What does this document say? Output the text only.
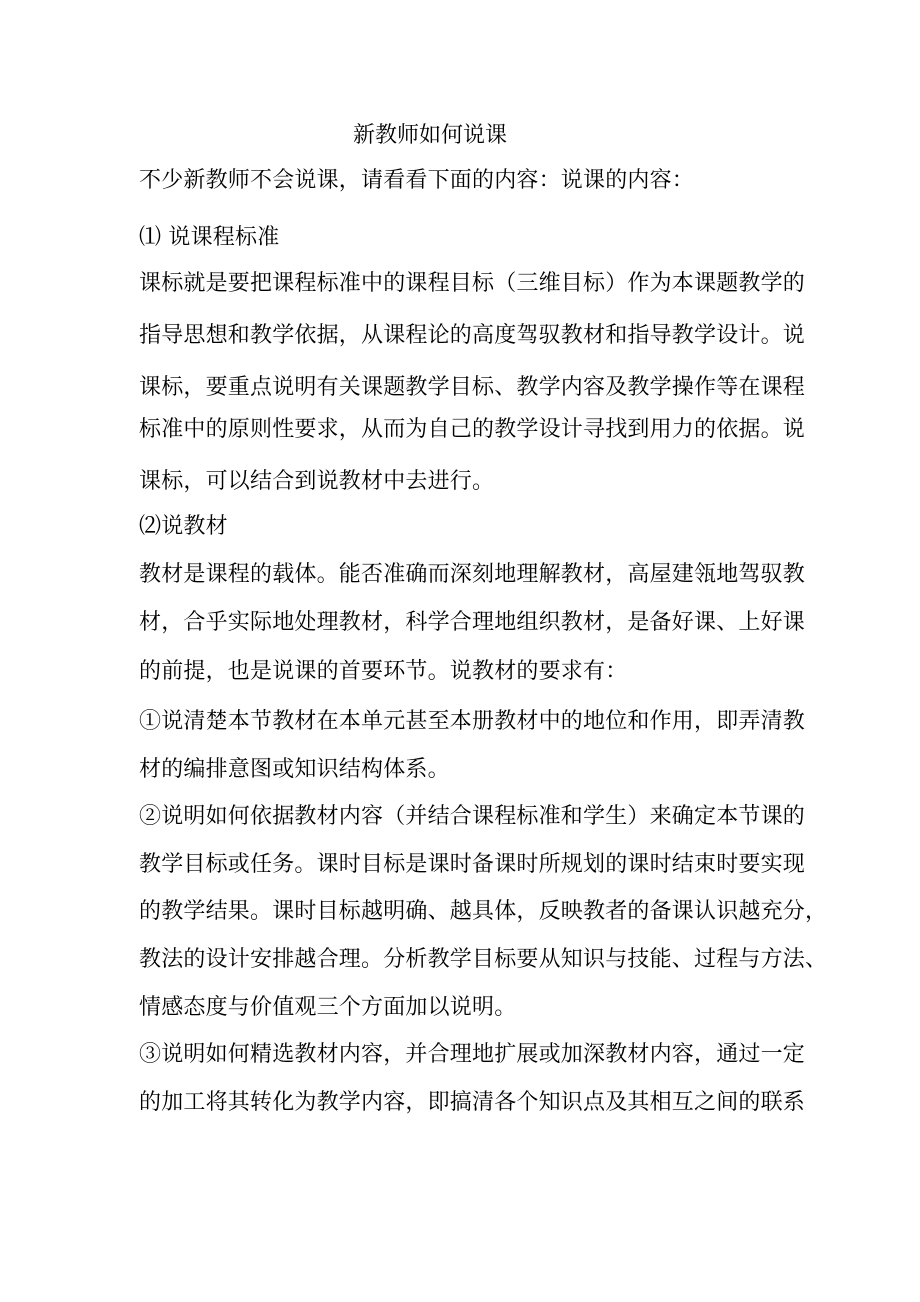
新教师如何说课
不少新教师不会说课，请看看下面的内容：说课的内容：
⑴ 说课程标准
课标就是要把课程标准中的课程目标（三维目标）作为本课题教学的
指导思想和教学依据，从课程论的高度驾驭教材和指导教学设计。说
课标，要重点说明有关课题教学目标、教学内容及教学操作等在课程
标准中的原则性要求，从而为自己的教学设计寻找到用力的依据。说
课标，可以结合到说教材中去进行。
⑵说教材
教材是课程的载体。能否准确而深刻地理解教材，高屋建瓴地驾驭教
材，合乎实际地处理教材，科学合理地组织教材，是备好课、上好课
的前提，也是说课的首要环节。说教材的要求有：
①说清楚本节教材在本单元甚至本册教材中的地位和作用，即弄清教
材的编排意图或知识结构体系。
②说明如何依据教材内容（并结合课程标准和学生）来确定本节课的
教学目标或任务。课时目标是课时备课时所规划的课时结束时要实现
的教学结果。课时目标越明确、越具体，反映教者的备课认识越充分，
教法的设计安排越合理。分析教学目标要从知识与技能、过程与方法、
情感态度与价值观三个方面加以说明。
③说明如何精选教材内容，并合理地扩展或加深教材内容，通过一定
的加工将其转化为教学内容，即搞清各个知识点及其相互之间的联系
